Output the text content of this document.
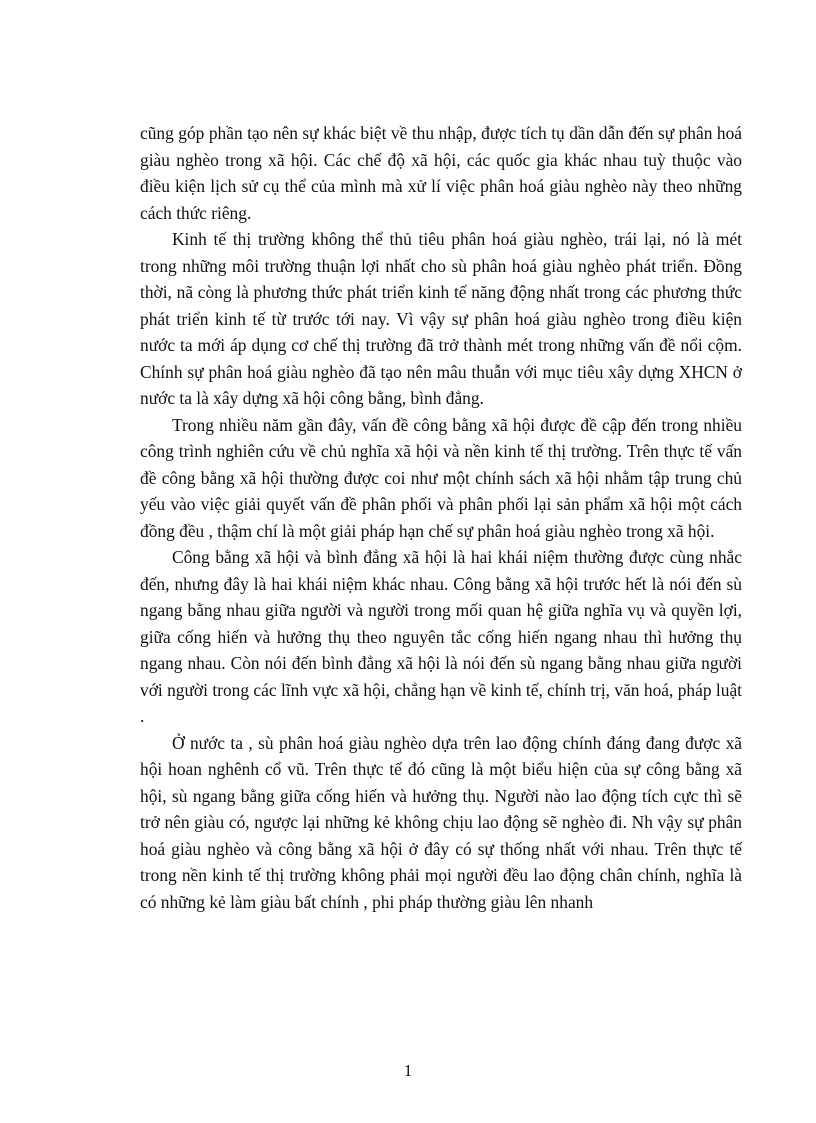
cũng góp phần tạo nên sự khác biệt về thu nhập, được tích tụ dần dẫn đến sự phân hoá giàu nghèo trong xã hội. Các chế độ xã hội, các quốc gia khác nhau tuỳ thuộc vào điều kiện lịch sử cụ thể của mình mà xử lí việc phân hoá giàu nghèo này theo những cách thức riêng.

Kinh tế thị trường không thể thủ tiêu phân hoá giàu nghèo, trái lại, nó là mét trong những môi trường thuận lợi nhất cho sù phân hoá giàu nghèo phát triển. Đồng thời, nã còng là phương thức phát triển kinh tế năng động nhất trong các phương thức phát triển kinh tế từ trước tới nay. Vì vậy sự phân hoá giàu nghèo trong điều kiện nước ta mới áp dụng cơ chế thị trường đã trở thành mét trong những vấn đề nổi cộm. Chính sự phân hoá giàu nghèo đã tạo nên mâu thuẫn với mục tiêu xây dựng XHCN ở nước ta là xây dựng xã hội công bằng, bình đẳng.

Trong nhiều năm gần đây, vấn đề công bằng xã hội được đề cập đến trong nhiều công trình nghiên cứu về chủ nghĩa xã hội và nền kinh tế thị trường. Trên thực tế vấn đề công bằng xã hội thường được coi như một chính sách xã hội nhằm tập trung chủ yếu vào việc giải quyết vấn đề phân phối và phân phối lại sản phẩm xã hội một cách đồng đều , thậm chí là một giải pháp hạn chế sự phân hoá giàu nghèo trong xã hội.

Công bằng xã hội và bình đẳng xã hội là hai khái niệm thường được cùng nhắc đến, nhưng đây là hai khái niệm khác nhau. Công bằng xã hội trước hết là nói đến sù ngang bằng nhau giữa người và người trong mối quan hệ giữa nghĩa vụ và quyền lợi, giữa cống hiến và hưởng thụ theo nguyên tắc cống hiến ngang nhau thì hưởng thụ ngang nhau. Còn nói đến bình đẳng xã hội là nói đến sù ngang bằng nhau giữa người với người trong các lĩnh vực xã hội, chẳng hạn về kinh tế, chính trị, văn hoá, pháp luật .

Ở nước ta , sù phân hoá giàu nghèo dựa trên lao động chính đáng đang được xã hội hoan nghênh cổ vũ. Trên thực tế đó cũng là một biểu hiện của sự công bằng xã hội, sù ngang bằng giữa cống hiến và hưởng thụ. Người nào lao động tích cực thì sẽ trở nên giàu có, ngược lại những kẻ không chịu lao động sẽ nghèo đi. Nh vậy sự phân hoá giàu nghèo và công bằng xã hội ở đây có sự thống nhất với nhau. Trên thực tế trong nền kinh tế thị trường không phải mọi người đều lao động chân chính, nghĩa là có những kẻ làm giàu bất chính , phi pháp thường giàu lên nhanh

1
